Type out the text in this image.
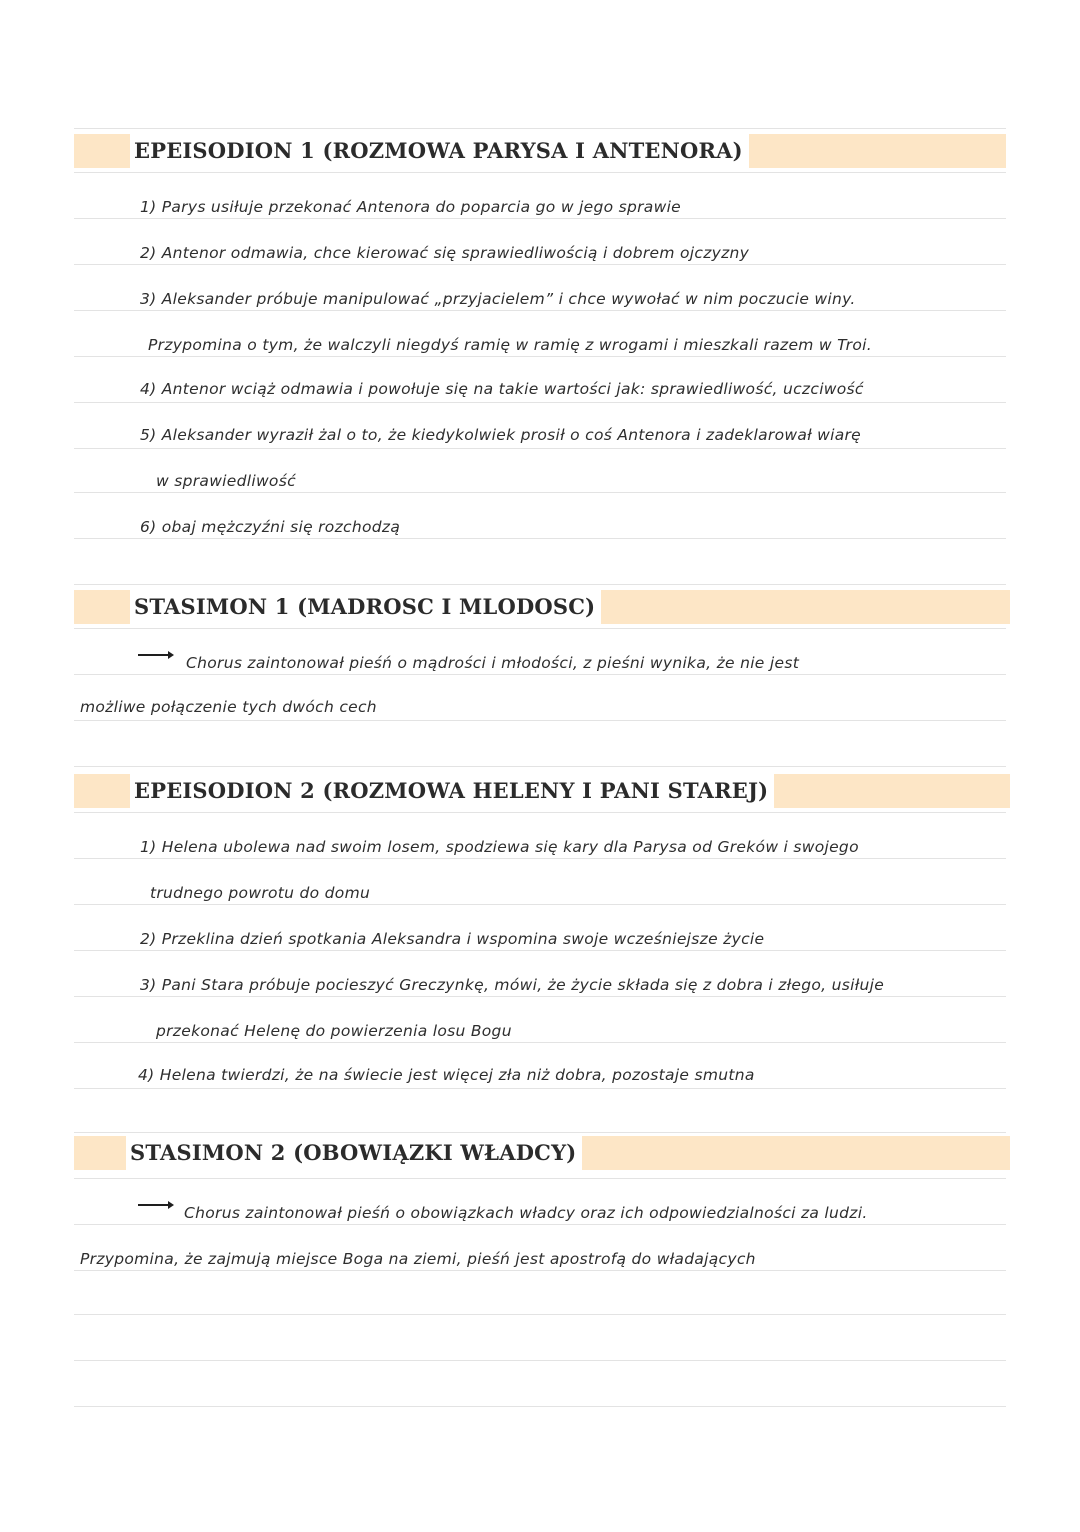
EPEISODION 1 (ROZMOWA PARYSA I ANTENORA)
1) Parys usiłuje przekonać Antenora do poparcia go w jego sprawie
2) Antenor odmawia, chce kierować się sprawiedliwością i dobrem ojczyzny
3) Aleksander próbuje manipulować „przyjacielem” i chce wywołać w nim poczucie winy.
Przypomina o tym, że walczyli niegdyś ramię w ramię z wrogami i mieszkali razem w Troi.
4) Antenor wciąż odmawia i powołuje się na takie wartości jak: sprawiedliwość, uczciwość
5) Aleksander wyraził żal o to, że kiedykolwiek prosił o coś Antenora i zadeklarował wiarę
w sprawiedliwość
6) obaj mężczyźni się rozchodzą
STASIMON 1 (MADROSC I MLODOSC)
Chorus zaintonował pieśń o mądrości i młodości, z pieśni wynika, że nie jest
możliwe połączenie tych dwóch cech
EPEISODION 2 (ROZMOWA HELENY I PANI STAREJ)
1) Helena ubolewa nad swoim losem, spodziewa się kary dla Parysa od Greków i swojego
trudnego powrotu do domu
2) Przeklina dzień spotkania Aleksandra i wspomina swoje wcześniejsze życie
3) Pani Stara próbuje pocieszyć Greczynkę, mówi, że życie składa się z dobra i złego, usiłuje
przekonać Helenę do powierzenia losu Bogu
4) Helena twierdzi, że na świecie jest więcej zła niż dobra, pozostaje smutna
STASIMON 2 (OBOWIĄZKI WŁADCY)
Chorus zaintonował pieśń o obowiązkach władcy oraz ich odpowiedzialności za ludzi.
Przypomina, że zajmują miejsce Boga na ziemi, pieśń jest apostrofą do władających
